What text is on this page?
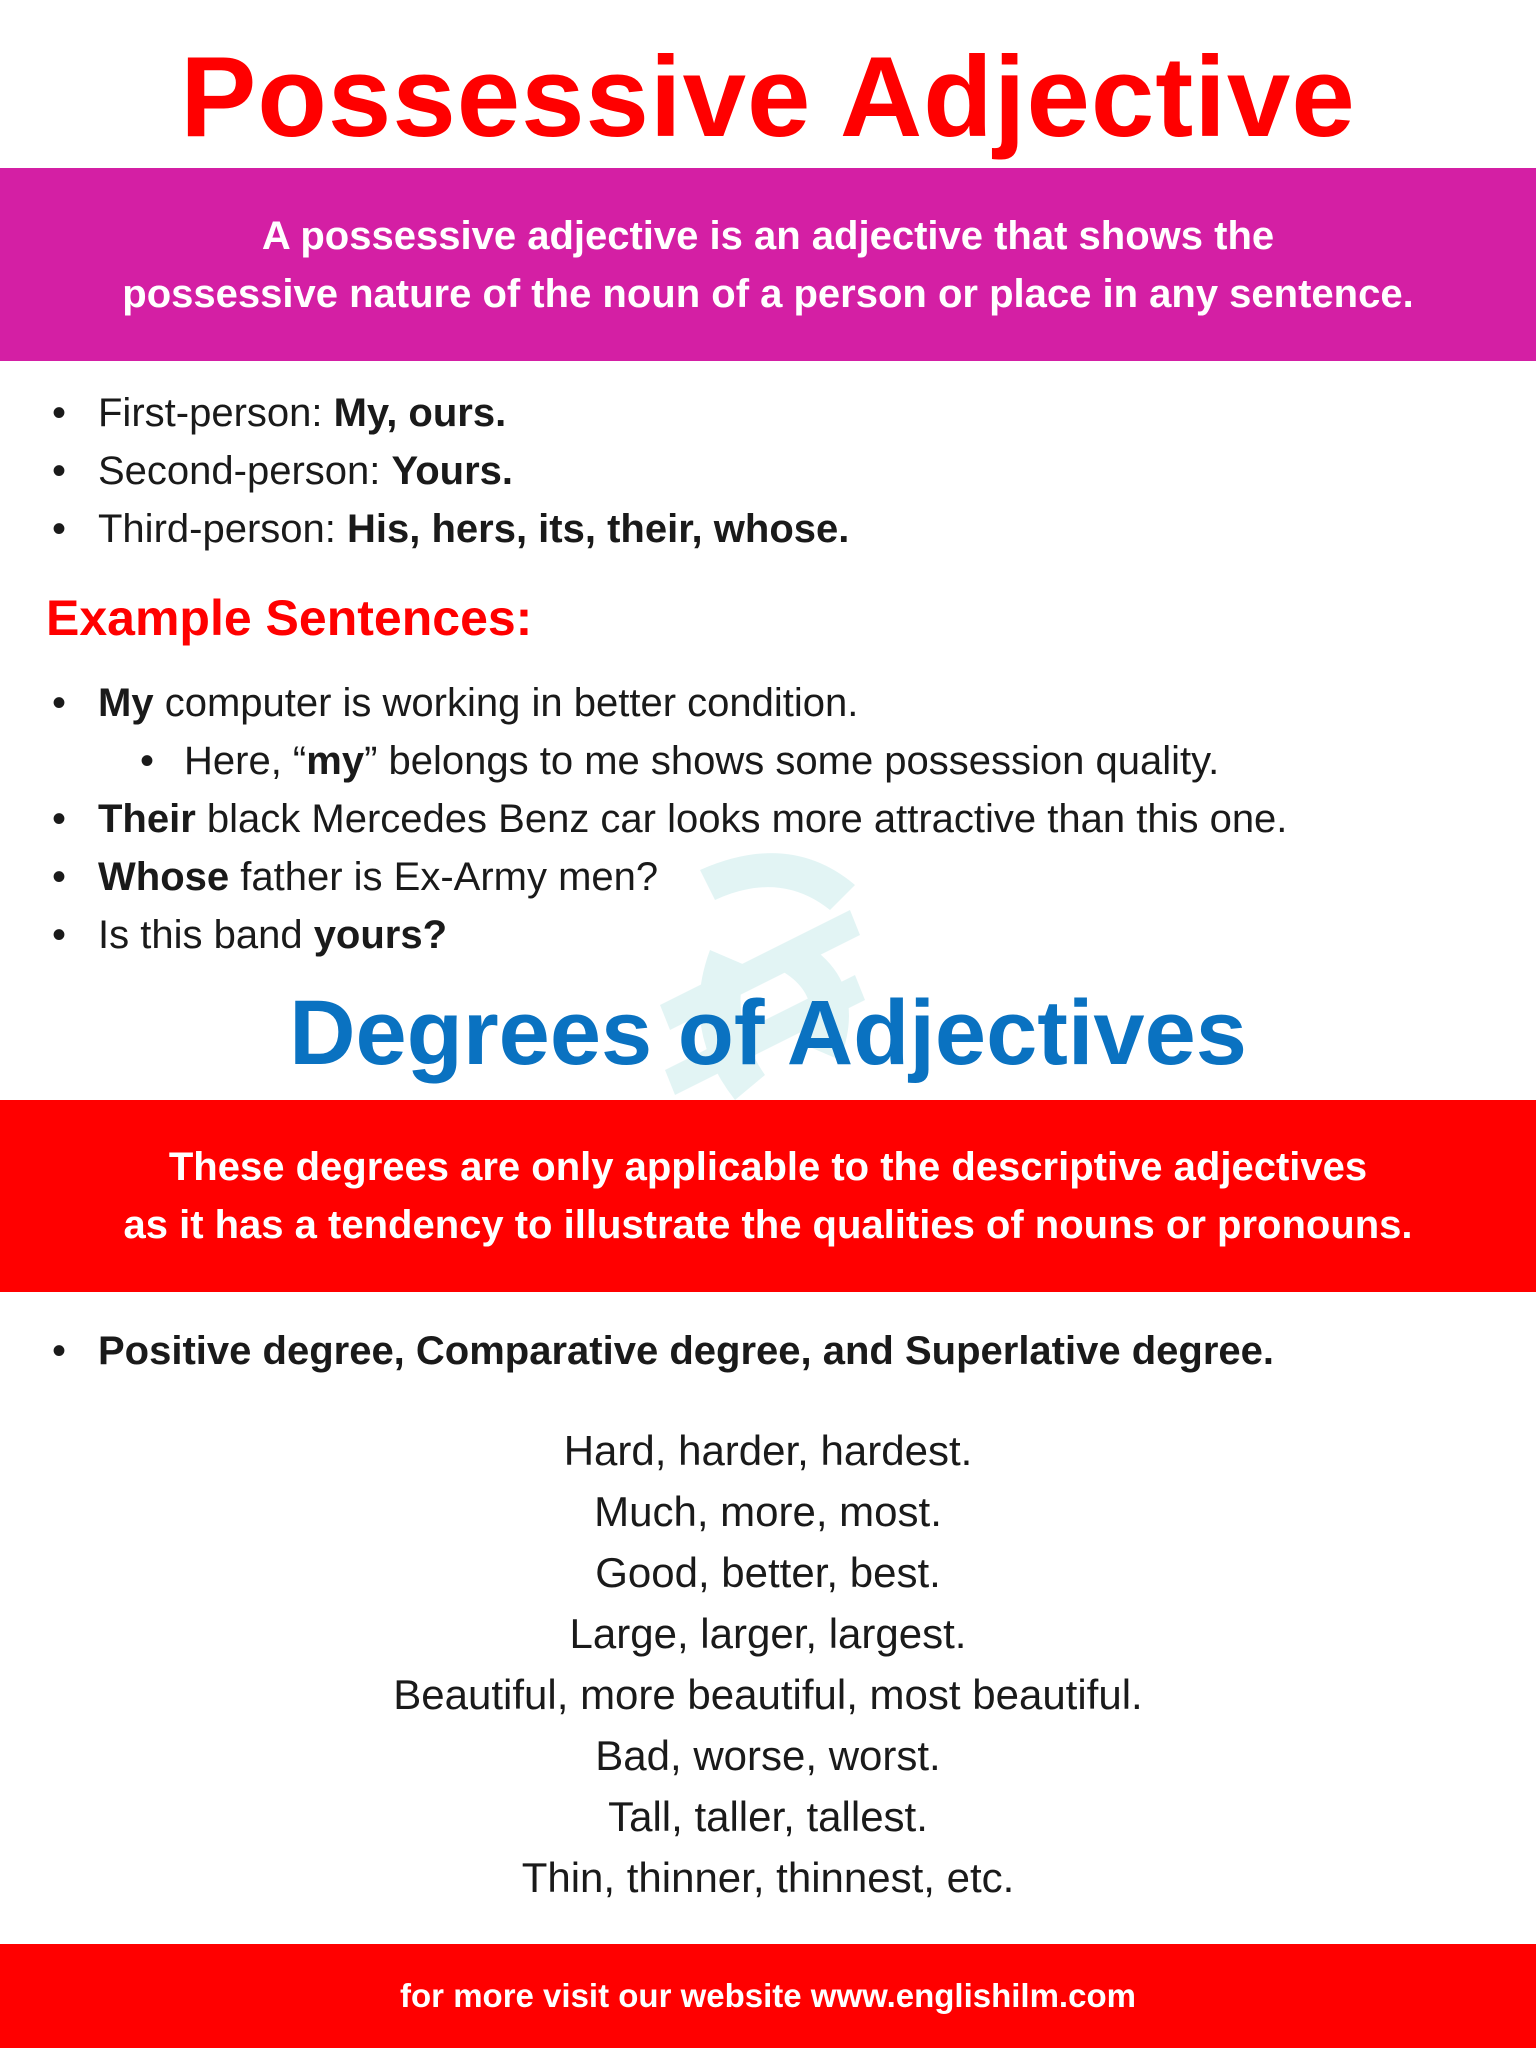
Possessive Adjective
A possessive adjective is an adjective that shows the
possessive nature of the noun of a person or place in any sentence.
• First-person: My, ours.
• Second-person: Yours.
• Third-person: His, hers, its, their, whose.
Example Sentences:
• My computer is working in better condition.
• Here, “my” belongs to me shows some possession quality.
• Their black Mercedes Benz car looks more attractive than this one.
• Whose father is Ex-Army men?
• Is this band yours?
Degrees of Adjectives
These degrees are only applicable to the descriptive adjectives
as it has a tendency to illustrate the qualities of nouns or pronouns.
• Positive degree, Comparative degree, and Superlative degree.
Hard, harder, hardest.
Much, more, most.
Good, better, best.
Large, larger, largest.
Beautiful, more beautiful, most beautiful.
Bad, worse, worst.
Tall, taller, tallest.
Thin, thinner, thinnest, etc.
for more visit our website www.englishilm.com
